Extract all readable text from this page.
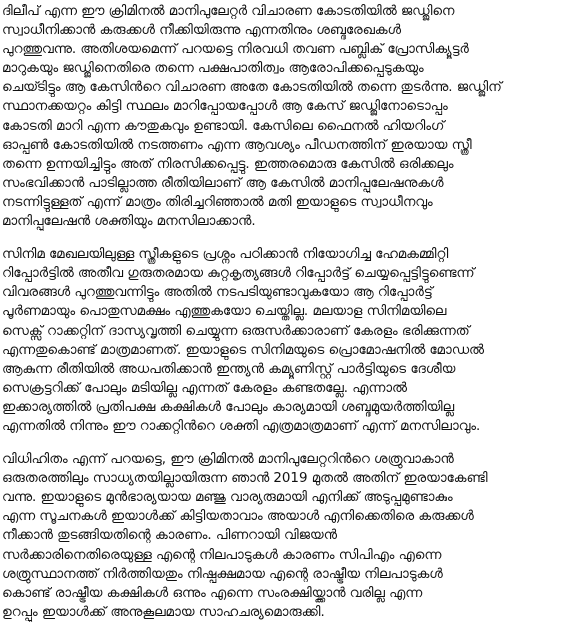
ദിലീപ് എന്ന ഈ ക്രിമിനൽ മാനിപുലേറ്റർ വിചാരണ കോടതിയിൽ ജഡ്ജിനെ
സ്വാധീനിക്കാൻ കരുക്കൾ നീക്കിയിരുന്നു എന്നതിനും ശബ്ദരേഖകൾ
പുറത്തുവന്നു. അതിശയമെന്ന് പറയട്ടെ നിരവധി തവണ പബ്ലിക് പ്രോസിക്യൂട്ടർ
മാറുകയും ജഡ്ജിനെതിരെ തന്നെ പക്ഷപാതിത്വം ആരോപിക്കപ്പെടുകയും
ചെയ്ടിട്ടും ആ കേസിൻറെ വിചാരണ അതേ കോടതിയിൽ തന്നെ തുടർന്നു. ജഡ്ജിന്
സ്ഥാനക്കയറ്റം കിട്ടി സ്ഥലം മാറിപ്പോയപ്പോൾ ആ കേസ് ജഡ്ജിനോടൊപ്പം
കോടതി മാറി എന്ന കൗതുകവും ഉണ്ടായി. കേസിലെ ഫൈനൽ ഹിയറിംഗ്
ഓപ്പൺ കോടതിയിൽ നടത്തണം എന്ന ആവശ്യം പീഡനത്തിന് ഇരയായ സ്ത്രീ
തന്നെ ഉന്നയിച്ചിട്ടും അത് നിരസിക്കപ്പെട്ടു. ഇത്തരമൊരു കേസിൽ ഒരിക്കലും
സംഭവിക്കാൻ പാടില്ലാത്ത രീതിയിലാണ് ആ കേസിൽ മാനിപ്പുലേഷനുകൾ
നടന്നിട്ടുള്ളത് എന്ന് മാത്രം തിരിച്ചറിഞ്ഞാൽ മതി ഇയാളുടെ സ്വാധീനവും
മാനിപ്പുലേഷൻ ശക്തിയും മനസിലാക്കാൻ.

സിനിമ മേഖലയിലുള്ള സ്ത്രീകളുടെ പ്രശ്നം പഠിക്കാൻ നിയോഗിച്ച ഹേമകമ്മിറ്റി
റിപ്പോർട്ടിൽ അതീവ ഗുരുതരമായ കുറ്റകൃത്യങ്ങൾ റിപ്പോർട്ട് ചെയ്യപ്പെട്ടിട്ടുണ്ടെന്ന്
വിവരങ്ങൾ പുറത്തുവന്നിട്ടും അതിൽ നടപടിയുണ്ടാവുകയോ ആ റിപ്പോർട്ട്
പൂർണമായും പൊതുസമക്ഷം എത്തുകയോ ചെയ്തില്ല. മലയാള സിനിമയിലെ
സെക്സ് റാക്കറ്റിന് ദാസ്യവൃത്തി ചെയ്യുന്ന ഒരുസർക്കാരാണ് കേരളം ഭരിക്കുന്നത്
എന്നതുകൊണ്ട് മാത്രമാണത്. ഇയാളുടെ സിനിമയുടെ പ്രൊമോഷനിൽ മോഡൽ
ആകുന്ന രീതിയിൽ അധപതിക്കാൻ ഇന്ത്യൻ കമ്യൂണിസ്റ്റ് പാർട്ടിയുടെ ദേശീയ
സെക്രട്ടറിക്ക് പോലും മടിയില്ല എന്നത് കേരളം കണ്ടതല്ലേ. എന്നാൽ
ഇക്കാര്യത്തിൽ പ്രതിപക്ഷ കക്ഷികൾ പോലും കാര്യമായി ശബ്ദമുയർത്തിയില്ല
എന്നതിൽ നിന്നും ഈ റാക്കറ്റിൻറെ ശക്തി എത്രമാത്രമാണ് എന്ന് മനസിലാവും.

വിധിഹിതം എന്ന് പറയട്ടെ, ഈ ക്രിമിനൽ മാനിപുലേറ്ററിൻറെ ശത്രുവാകാൻ
ഒരുതരത്തിലും സാധ്യതയില്ലായിരുന്ന ഞാൻ 2019 മുതൽ അതിന് ഇരയാകേണ്ടി
വന്നു. ഇയാളുടെ മുൻഭാര്യയായ മഞ്ജു വാര്യരുമായി എനിക്ക് അടുപ്പമുണ്ടാകും
എന്ന സൂചനകൾ ഇയാൾക്ക് കിട്ടിയതാവാം അയാൾ എനിക്കെതിരെ കരുക്കൾ
നീക്കാൻ തുടങ്ങിയതിന്റെ കാരണം. പിണറായി വിജയൻ
സർക്കാരിനെതിരെയുള്ള എന്റെ നിലപാടുകൾ കാരണം സിപിഎം എന്നെ
ശത്രുസ്ഥാനത്ത് നിർത്തിയതും നിഷ്പക്ഷമായ എന്റെ രാഷ്ട്രീയ നിലപാടുകൾ
കൊണ്ട് രാഷ്ട്രീയ കക്ഷികൾ ഒന്നും എന്നെ സംരക്ഷിയ്ക്കാൻ വരില്ല എന്ന
ഉറപ്പും ഇയാൾക്ക് അനുകൂലമായ സാഹചര്യമൊരുക്കി.
